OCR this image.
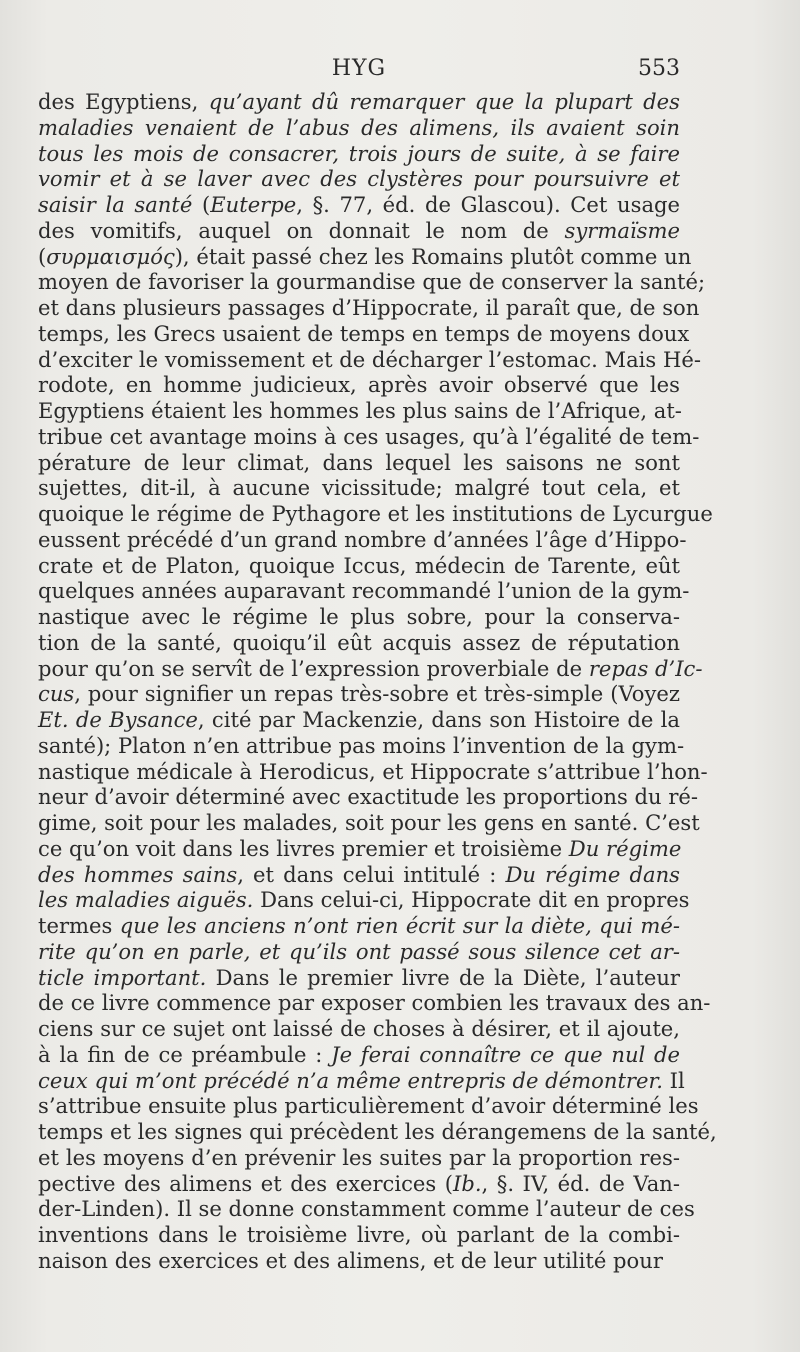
HYG	553
des Egyptiens, qu’ayant dû remarquer que la plupart des
maladies venaient de l’abus des alimens, ils avaient soin
tous les mois de consacrer, trois jours de suite, à se faire
vomir et à se laver avec des clystères pour poursuivre et
saisir la santé (Euterpe, §. 77, éd. de Glascou). Cet usage
des vomitifs, auquel on donnait le nom de syrmaïsme
(συρμαισμός), était passé chez les Romains plutôt comme un
moyen de favoriser la gourmandise que de conserver la santé;
et dans plusieurs passages d’Hippocrate, il paraît que, de son
temps, les Grecs usaient de temps en temps de moyens doux
d’exciter le vomissement et de décharger l’estomac. Mais Hé-
rodote, en homme judicieux, après avoir observé que les
Egyptiens étaient les hommes les plus sains de l’Afrique, at-
tribue cet avantage moins à ces usages, qu’à l’égalité de tem-
pérature de leur climat, dans lequel les saisons ne sont
sujettes, dit-il, à aucune vicissitude; malgré tout cela, et
quoique le régime de Pythagore et les institutions de Lycurgue
eussent précédé d’un grand nombre d’années l’âge d’Hippo-
crate et de Platon, quoique Iccus, médecin de Tarente, eût
quelques années auparavant recommandé l’union de la gym-
nastique avec le régime le plus sobre, pour la conserva-
tion de la santé, quoiqu’il eût acquis assez de réputation
pour qu’on se servît de l’expression proverbiale de repas d’Ic-
cus, pour signifier un repas très-sobre et très-simple (Voyez
Et. de Bysance, cité par Mackenzie, dans son Histoire de la
santé); Platon n’en attribue pas moins l’invention de la gym-
nastique médicale à Herodicus, et Hippocrate s’attribue l’hon-
neur d’avoir déterminé avec exactitude les proportions du ré-
gime, soit pour les malades, soit pour les gens en santé. C’est
ce qu’on voit dans les livres premier et troisième Du régime
des hommes sains, et dans celui intitulé : Du régime dans
les maladies aiguës. Dans celui-ci, Hippocrate dit en propres
termes que les anciens n’ont rien écrit sur la diète, qui mé-
rite qu’on en parle, et qu’ils ont passé sous silence cet ar-
ticle important. Dans le premier livre de la Diète, l’auteur
de ce livre commence par exposer combien les travaux des an-
ciens sur ce sujet ont laissé de choses à désirer, et il ajoute,
à la fin de ce préambule : Je ferai connaître ce que nul de
ceux qui m’ont précédé n’a même entrepris de démontrer. Il
s’attribue ensuite plus particulièrement d’avoir déterminé les
temps et les signes qui précèdent les dérangemens de la santé,
et les moyens d’en prévenir les suites par la proportion res-
pective des alimens et des exercices (Ib., §. IV, éd. de Van-
der-Linden). Il se donne constamment comme l’auteur de ces
inventions dans le troisième livre, où parlant de la combi-
naison des exercices et des alimens, et de leur utilité pour
